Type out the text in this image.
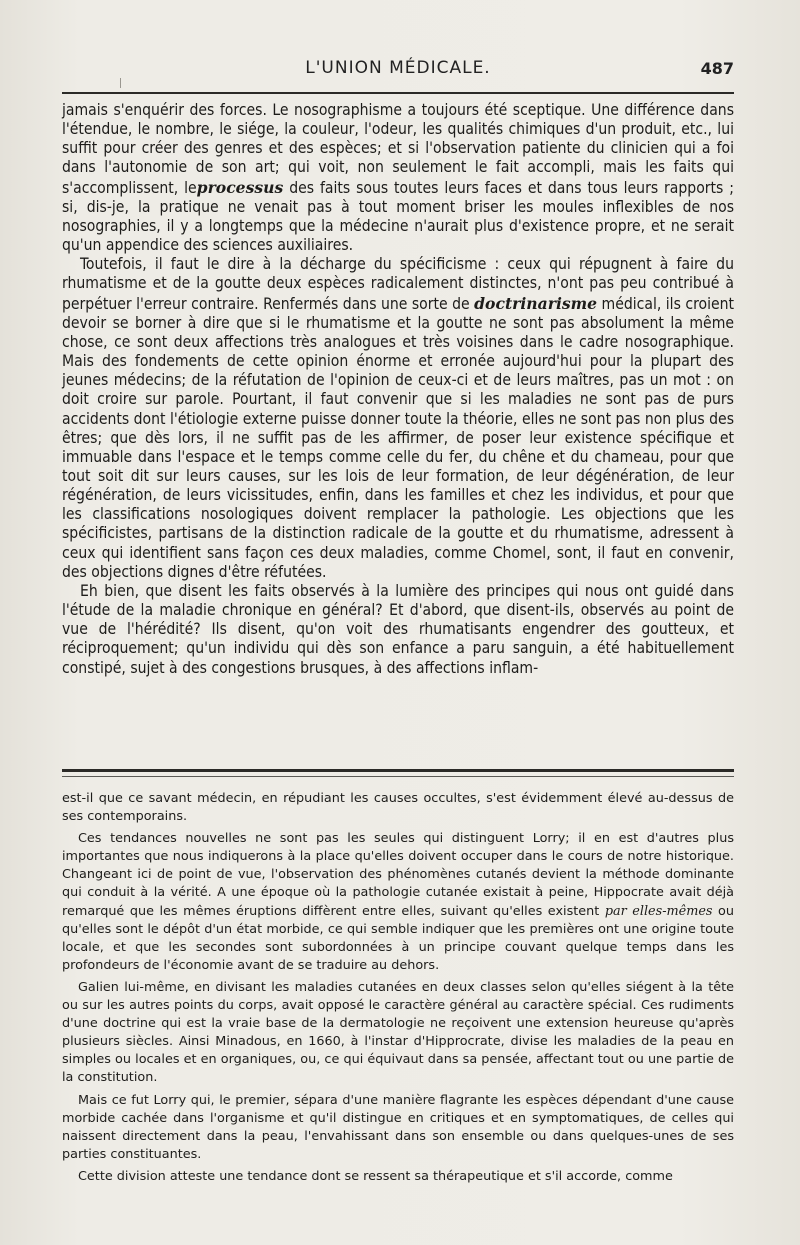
L'UNION MÉDICALE.	487

jamais s'enquérir des forces. Le nosographisme a toujours été sceptique. Une différence dans l'étendue, le nombre, le siége, la couleur, l'odeur, les qualités chimiques d'un produit, etc., lui suffit pour créer des genres et des espèces; et si l'observation patiente du clinicien qui a foi dans l'autonomie de son art; qui voit, non seulement le fait accompli, mais les faits qui s'accomplissent, leprocessus des faits sous toutes leurs faces et dans tous leurs rapports ; si, dis-je, la pratique ne venait pas à tout moment briser les moules inflexibles de nos nosographies, il y a longtemps que la médecine n'aurait plus d'existence propre, et ne serait qu'un appendice des sciences auxiliaires.

Toutefois, il faut le dire à la décharge du spécificisme : ceux qui répugnent à faire du rhumatisme et de la goutte deux espèces radicalement distinctes, n'ont pas peu contribué à perpétuer l'erreur contraire. Renfermés dans une sorte de doctrinarisme médical, ils croient devoir se borner à dire que si le rhumatisme et la goutte ne sont pas absolument la même chose, ce sont deux affections très analogues et très voisines dans le cadre nosographique. Mais des fondements de cette opinion énorme et erronée aujourd'hui pour la plupart des jeunes médecins; de la réfutation de l'opinion de ceux-ci et de leurs maîtres, pas un mot : on doit croire sur parole. Pourtant, il faut convenir que si les maladies ne sont pas de purs accidents dont l'étiologie externe puisse donner toute la théorie, elles ne sont pas non plus des êtres; que dès lors, il ne suffit pas de les affirmer, de poser leur existence spécifique et immuable dans l'espace et le temps comme celle du fer, du chêne et du chameau, pour que tout soit dit sur leurs causes, sur les lois de leur formation, de leur dégénération, de leur régénération, de leurs vicissitudes, enfin, dans les familles et chez les individus, et pour que les classifications nosologiques doivent remplacer la pathologie. Les objections que les spécificistes, partisans de la distinction radicale de la goutte et du rhumatisme, adressent à ceux qui identifient sans façon ces deux maladies, comme Chomel, sont, il faut en convenir, des objections dignes d'être réfutées.

Eh bien, que disent les faits observés à la lumière des principes qui nous ont guidé dans l'étude de la maladie chronique en général? Et d'abord, que disent-ils, observés au point de vue de l'hérédité? Ils disent, qu'on voit des rhumatisants engendrer des goutteux, et réciproquement; qu'un individu qui dès son enfance a paru sanguin, a été habituellement constipé, sujet à des congestions brusques, à des affections inflam-

est-il que ce savant médecin, en répudiant les causes occultes, s'est évidemment élevé au-dessus de ses contemporains.

Ces tendances nouvelles ne sont pas les seules qui distinguent Lorry; il en est d'autres plus importantes que nous indiquerons à la place qu'elles doivent occuper dans le cours de notre historique. Changeant ici de point de vue, l'observation des phénomènes cutanés devient la méthode dominante qui conduit à la vérité. A une époque où la pathologie cutanée existait à peine, Hippocrate avait déjà remarqué que les mêmes éruptions diffèrent entre elles, suivant qu'elles existent par elles-mêmes ou qu'elles sont le dépôt d'un état morbide, ce qui semble indiquer que les premières ont une origine toute locale, et que les secondes sont subordonnées à un principe couvant quelque temps dans les profondeurs de l'économie avant de se traduire au dehors.

Galien lui-même, en divisant les maladies cutanées en deux classes selon qu'elles siégent à la tête ou sur les autres points du corps, avait opposé le caractère général au caractère spécial. Ces rudiments d'une doctrine qui est la vraie base de la dermatologie ne reçoivent une extension heureuse qu'après plusieurs siècles. Ainsi Minadous, en 1660, à l'instar d'Hipprocrate, divise les maladies de la peau en simples ou locales et en organiques, ou, ce qui équivaut dans sa pensée, affectant tout ou une partie de la constitution.

Mais ce fut Lorry qui, le premier, sépara d'une manière flagrante les espèces dépendant d'une cause morbide cachée dans l'organisme et qu'il distingue en critiques et en symptomatiques, de celles qui naissent directement dans la peau, l'envahissant dans son ensemble ou dans quelques-unes de ses parties constituantes.

Cette division atteste une tendance dont se ressent sa thérapeutique et s'il accorde, comme
